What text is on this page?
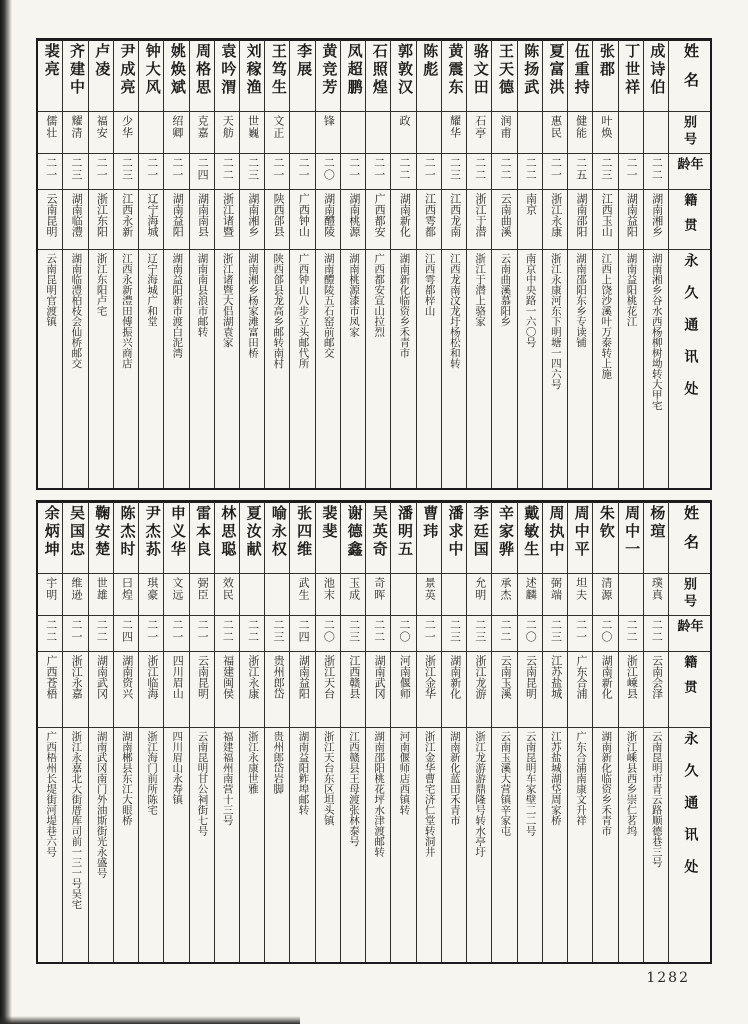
姓名
别号
年龄
籍贯
永久通讯处
成诗伯
二二
湖南湘乡
湖南湘乡谷水西杨柳树坳转大甲宅
丁世祥
二一
湖南益阳
湖南益阳桃花江
张郡
叶焕
二三
江西玉山
江西上饶沙溪叶万泰转上施
伍重持
健能
二五
湖南邵阳
湖南邵阳东乡专读铺
夏富洪
惠民
二一
浙江永康
浙江永康河东下明塘一四六号
陈扬武
二二
南京
南京中央路一六〇号
王天德
润甫
二二
云南曲溪
云南曲溪慕阳乡
骆文田
石亭
二二
浙江于潜
浙江于潜上骆家
黄震东
耀华
二三
江西龙南
江西龙南汶龙圩杨松和转
陈彪
二一
江西雩都
江西雩都梓山
郭敦汉
政
二二
湖南新化
湖南新化临资乡禾青市
石照煌
二一
广西都安
广西都安宣山拉烈
凤超鹏
二一
湖南桃源
湖南桃源漆市凤家
黄竞芳
锋
二〇
湖南醴陵
湖南醴陵五石窑前邮交
李展
二一
广西钟山
广西钟山八步立头邮代所
王笃生
文正
二一
陕西郃县
陕西郃县龙高乡邮转南村
刘稼渔
世巍
二三
湖南湘乡
湖南湘乡杨家滩富田桥
袁吟渭
天舫
二二
浙江诸暨
浙江诸暨大侣湖袁家
周格思
克嘉
二四
湖南南县
湖南南县浪市邮转
姚焕斌
绍卿
二一
湖南益阳
湖南益阳新市渡白泥湾
钟大风
二一
辽宁海城
辽宁海城广和堂
尹成亮
少华
二三
江西永新
江西永新澧田傅振兴商店
卢凌
福安
二一
浙江东阳
浙江东阳卢宅
齐建中
耀清
二三
湖南临澧
湖南临澧柏枝会仙桥邮交
裴亮
儒壮
二一
云南昆明
云南昆明官渡镇
姓名
别号
年龄
籍贯
永久通讯处
杨瑄
璞真
二二
云南会泽
云南昆明市青云路顺德巷三号
周中一
二二
浙江嵊县
浙江嵊县西乡崇仁茗坞
朱钦
清源
二〇
湖南新化
湖南新化临资乡禾青市
周中平
坦夫
二一
广东合浦
广东合浦南康文升祥
周执中
弼端
二三
江苏盐城
江苏盐城湖垈周家桥
戴敏生
述麟
二〇
云南昆明
云南昆明车家壁二二号
辛家骅
承杰
二二
云南玉溪
云南玉溪大营镇辛家屯
李廷国
允明
二三
浙江龙游
浙江龙游游鼎隆号转水亭圩
潘求中
二三
湖南新化
湖南新化蓝田禾青市
曹玮
景英
二一
浙江金华
浙江金华曹宅济仁堂转洞井
潘明五
二〇
河南偃师
河南偃师店西镇转
吴英奇
奇晖
二二
湖南武冈
湖南邵阳桃花坪水津渡邮转
谢德鑫
玉成
二三
江西赣县
江西赣县王母渡张林泰号
裴斐
池末
二〇
浙江天台
浙江天台东区坦头镇
张四维
武生
二四
湖南益阳
湖南益阳鲊埠邮转
喻永权
二三
贵州郎岱
贵州郎岱岩脚
夏汝献
二二
浙江永康
浙江永康世雅
林思聪
效民
二二
福建闽侯
福建福州南营十三号
雷本良
弼臣
二一
云南昆明
云南昆明甘公祠街七号
申义华
文远
二一
四川眉山
四川眉山永寿镇
尹杰荪
琪豪
二一
浙江临海
浙江海门前所陈宅
陈杰时
曰煌
二四
湖南资兴
湖南郴县东江大眼桥
鞠安楚
世雄
二二
湖南武冈
湖南武冈南门外油斯街光永盛号
吴国忠
维逊
二一
浙江永嘉
浙江永嘉北大街厝库司前一三一号吴宅
余炳坤
宇明
二二
广西苍梧
广西梧州长堤街河堤巷六号
1282
